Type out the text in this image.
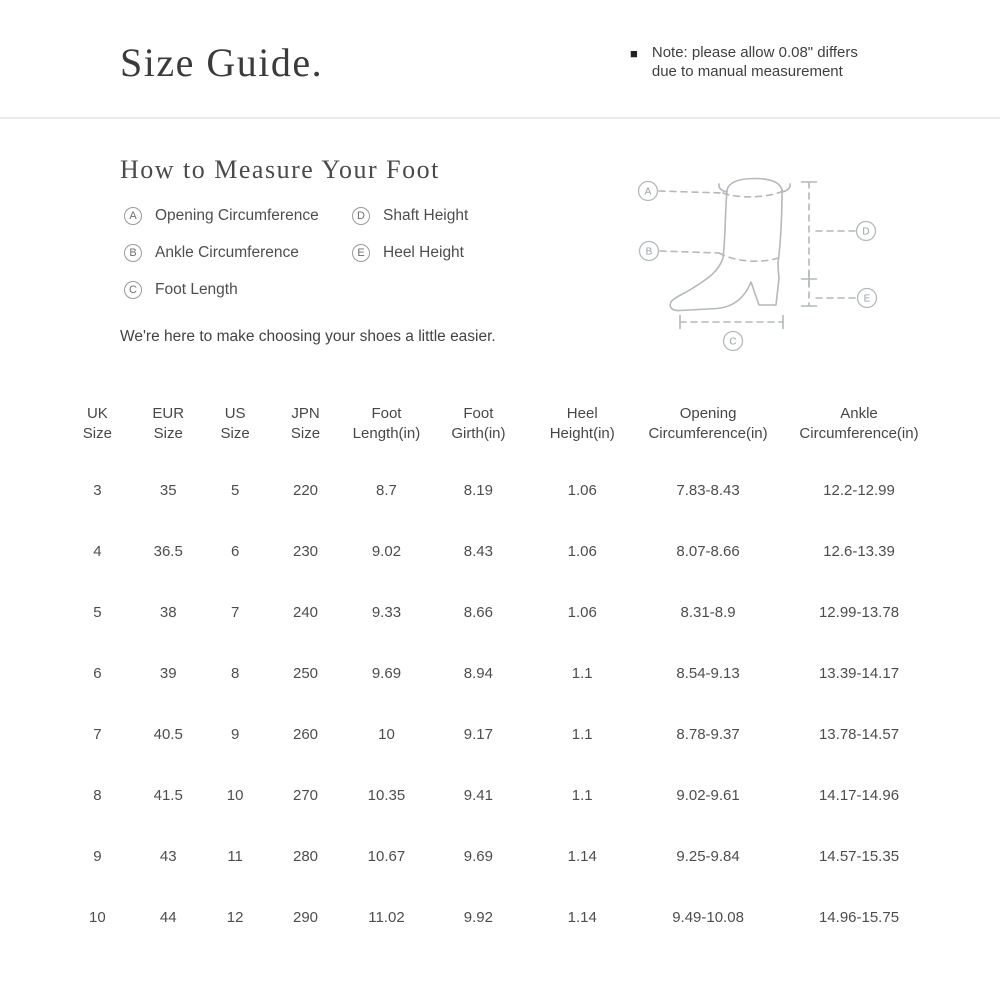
Size Guide.	■ Note: please allow 0.08" differs
due to manual measurement
How to Measure Your Foot
A	Opening Circumference	D	Shaft Height
B	Ankle Circumference	E	Heel Height
C	Foot Length

We're here to make choosing your shoes a little easier.

A
B
C
D
E
UK
Size

EUR
Size

US
Size

JPN
Size

Foot
Length(in)

Foot
Girth(in)

Heel
Height(in)

Opening
Circumference(in)

Ankle
Circumference(in)

3	35	5	220	8.7	8.19	1.06	7.83-8.43	12.2-12.99
4	36.5	6	230	9.02	8.43	1.06	8.07-8.66	12.6-13.39
5	38	7	240	9.33	8.66	1.06	8.31-8.9	12.99-13.78
6	39	8	250	9.69	8.94	1.1	8.54-9.13	13.39-14.17
7	40.5	9	260	10	9.17	1.1	8.78-9.37	13.78-14.57
8	41.5	10	270	10.35	9.41	1.1	9.02-9.61	14.17-14.96
9	43	11	280	10.67	9.69	1.14	9.25-9.84	14.57-15.35
10	44	12	290	11.02	9.92	1.14	9.49-10.08	14.96-15.75
